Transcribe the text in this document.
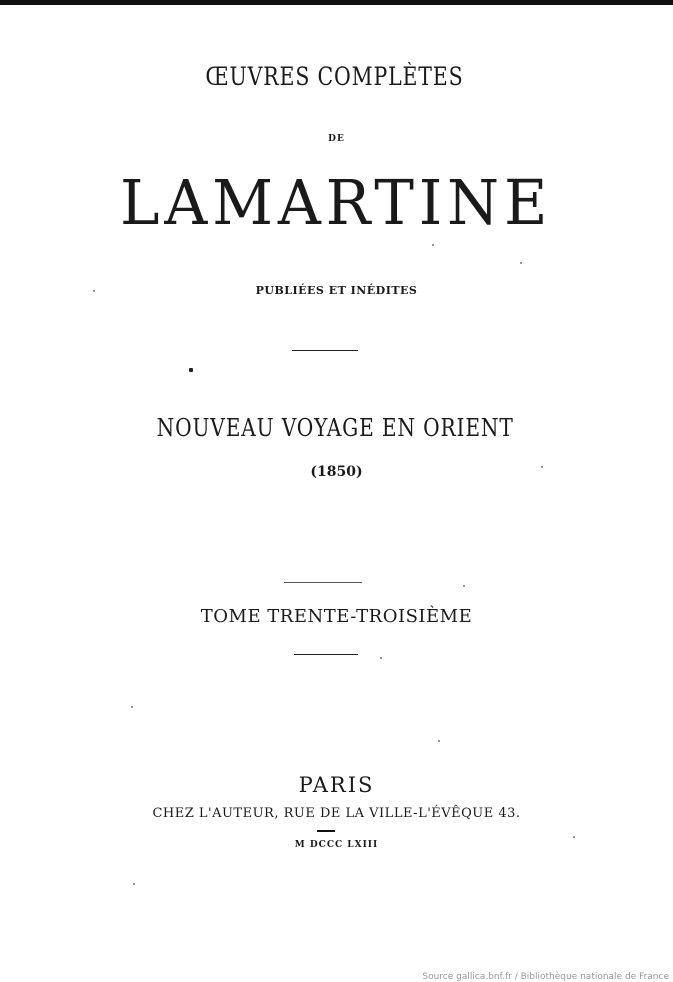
ŒUVRES COMPLÈTES
DE
LAMARTINE
PUBLIÉES ET INÉDITES
NOUVEAU VOYAGE EN ORIENT
(1850)
TOME TRENTE-TROISIÈME
PARIS
CHEZ L'AUTEUR, RUE DE LA VILLE-L'ÉVÊQUE 43.
M DCCC LXIII
Source gallica.bnf.fr / Bibliothèque nationale de France
